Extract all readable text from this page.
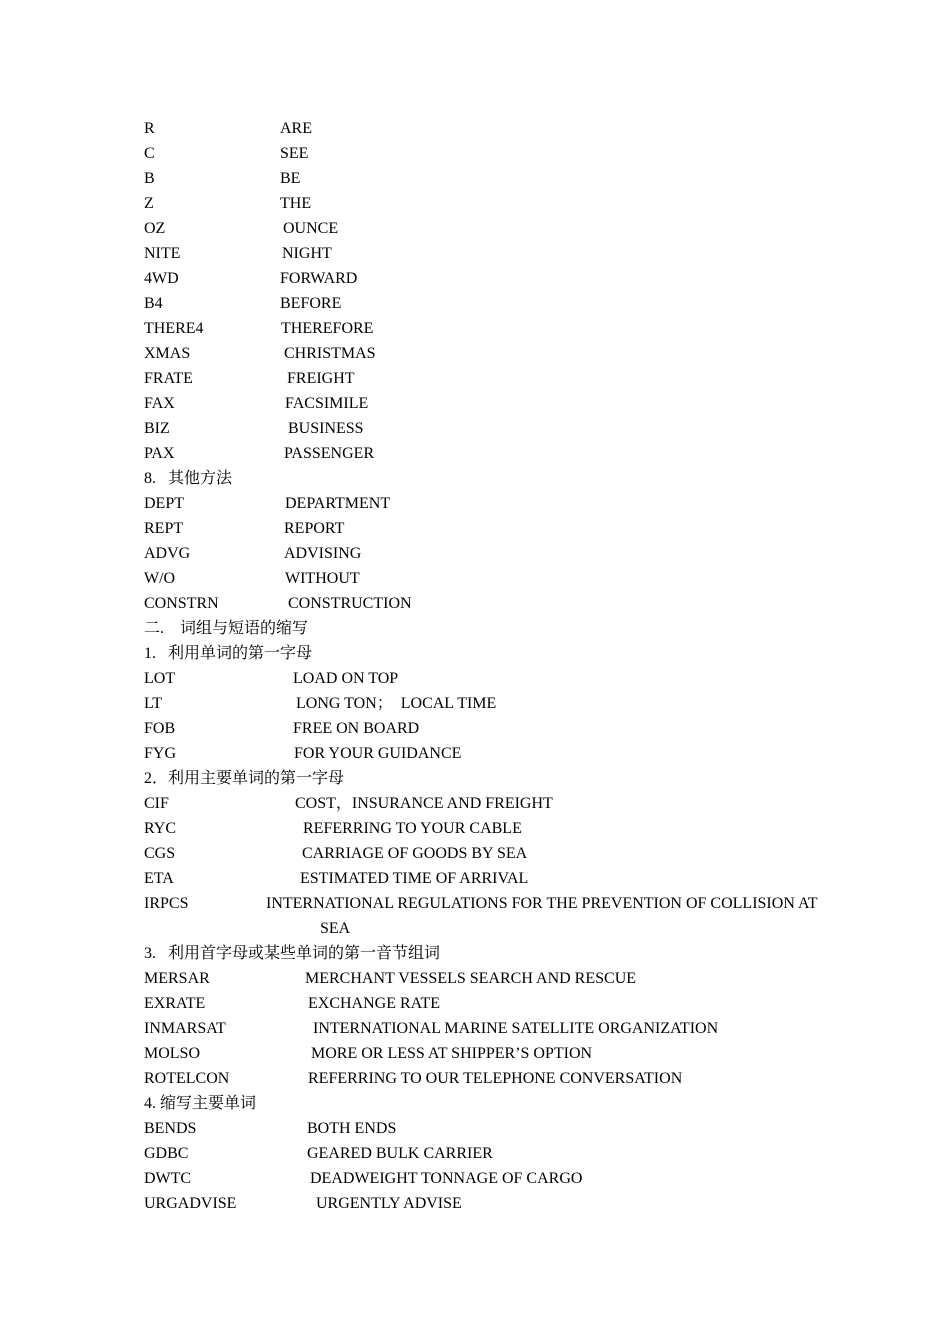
R	ARE
C	SEE
B	BE
Z	THE
OZ	OUNCE
NITE	NIGHT
4WD	FORWARD
B4	BEFORE
THERE4	THEREFORE
XMAS	CHRISTMAS
FRATE	FREIGHT
FAX	FACSIMILE
BIZ	BUSINESS
PAX	PASSENGER
8.   其他方法
DEPT	DEPARTMENT
REPT	REPORT
ADVG	ADVISING
W/O	WITHOUT
CONSTRN	CONSTRUCTION
二.    词组与短语的缩写
1.   利用单词的第一字母
LOT	LOAD ON TOP
LT	LONG TON；  LOCAL TIME
FOB	FREE ON BOARD
FYG	FOR YOUR GUIDANCE
2．利用主要单词的第一字母
CIF	COST，INSURANCE AND FREIGHT
RYC	REFERRING TO YOUR CABLE
CGS	CARRIAGE OF GOODS BY SEA
ETA	ESTIMATED TIME OF ARRIVAL
IRPCS	INTERNATIONAL REGULATIONS FOR THE PREVENTION OF COLLISION AT
SEA
3.   利用首字母或某些单词的第一音节组词
MERSAR	MERCHANT VESSELS SEARCH AND RESCUE
EXRATE	EXCHANGE RATE
INMARSAT	INTERNATIONAL MARINE SATELLITE ORGANIZATION
MOLSO	MORE OR LESS AT SHIPPER’S OPTION
ROTELCON	REFERRING TO OUR TELEPHONE CONVERSATION
4. 缩写主要单词
BENDS	BOTH ENDS
GDBC	GEARED BULK CARRIER
DWTC	DEADWEIGHT TONNAGE OF CARGO
URGADVISE	URGENTLY ADVISE
